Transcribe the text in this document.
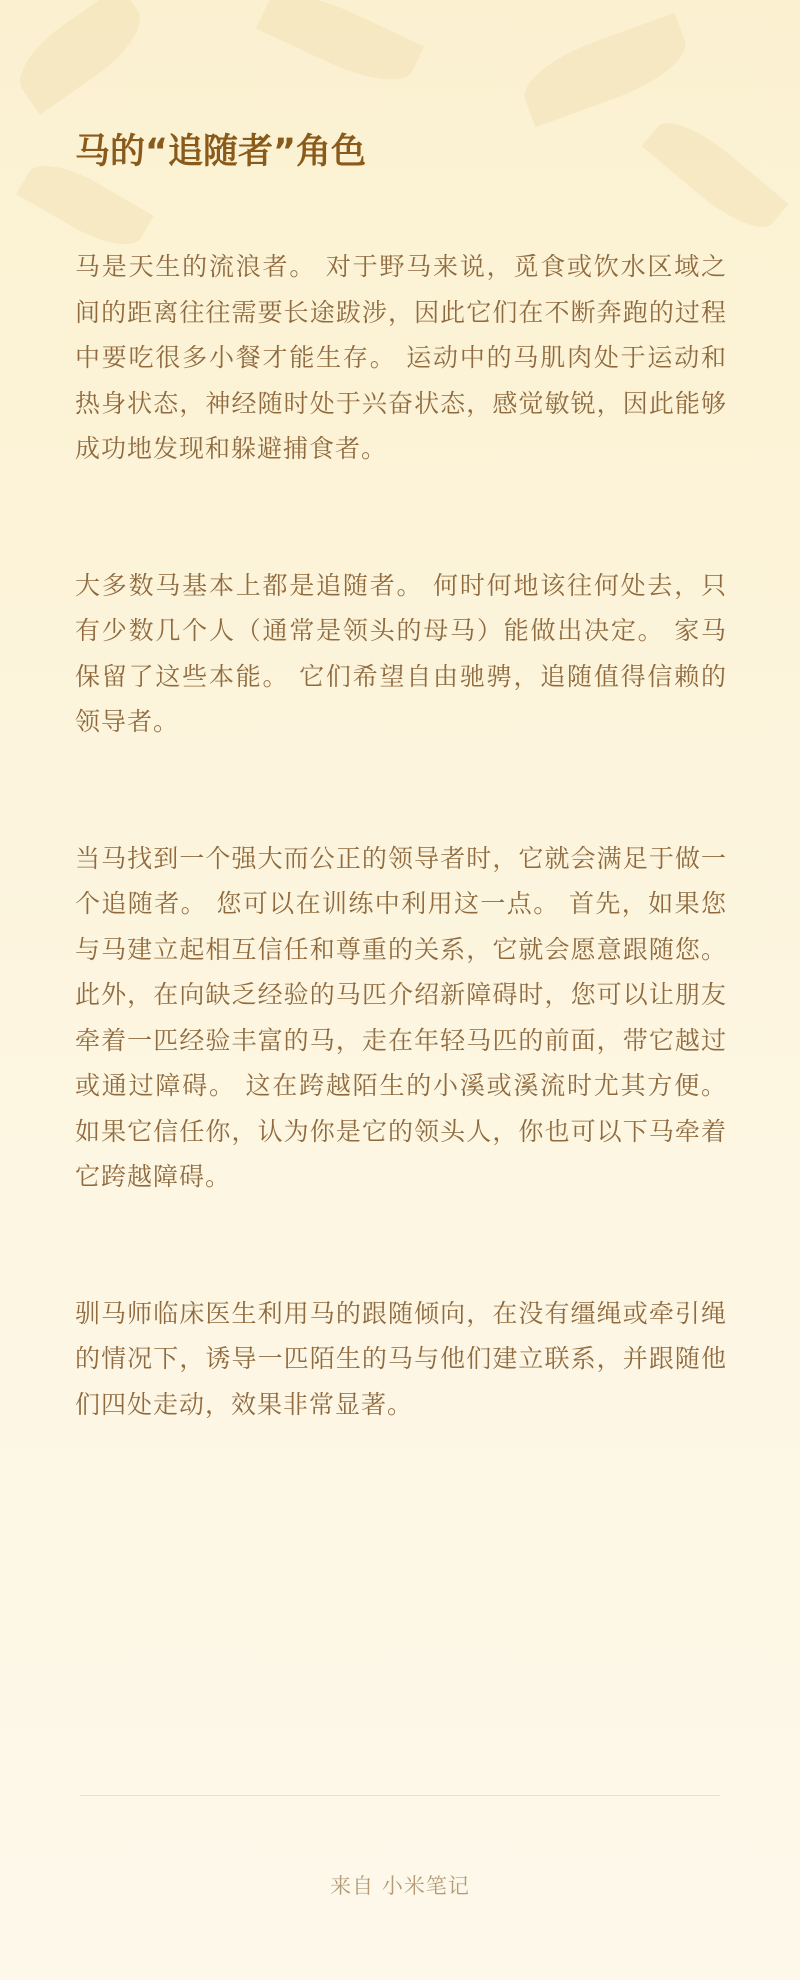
马的“追随者”角色

马是天生的流浪者。 对于野马来说，觅食或饮水区域之间的距离往往需要长途跋涉，因此它们在不断奔跑的过程中要吃很多小餐才能生存。 运动中的马肌肉处于运动和热身状态，神经随时处于兴奋状态，感觉敏锐，因此能够成功地发现和躲避捕食者。

大多数马基本上都是追随者。 何时何地该往何处去，只有少数几个人（通常是领头的母马）能做出决定。 家马保留了这些本能。 它们希望自由驰骋，追随值得信赖的领导者。

当马找到一个强大而公正的领导者时，它就会满足于做一个追随者。 您可以在训练中利用这一点。 首先，如果您与马建立起相互信任和尊重的关系，它就会愿意跟随您。 此外，在向缺乏经验的马匹介绍新障碍时，您可以让朋友牵着一匹经验丰富的马，走在年轻马匹的前面，带它越过或通过障碍。 这在跨越陌生的小溪或溪流时尤其方便。 如果它信任你，认为你是它的领头人，你也可以下马牵着它跨越障碍。

驯马师临床医生利用马的跟随倾向，在没有缰绳或牵引绳的情况下，诱导一匹陌生的马与他们建立联系，并跟随他们四处走动，效果非常显著。

来自 小米笔记
